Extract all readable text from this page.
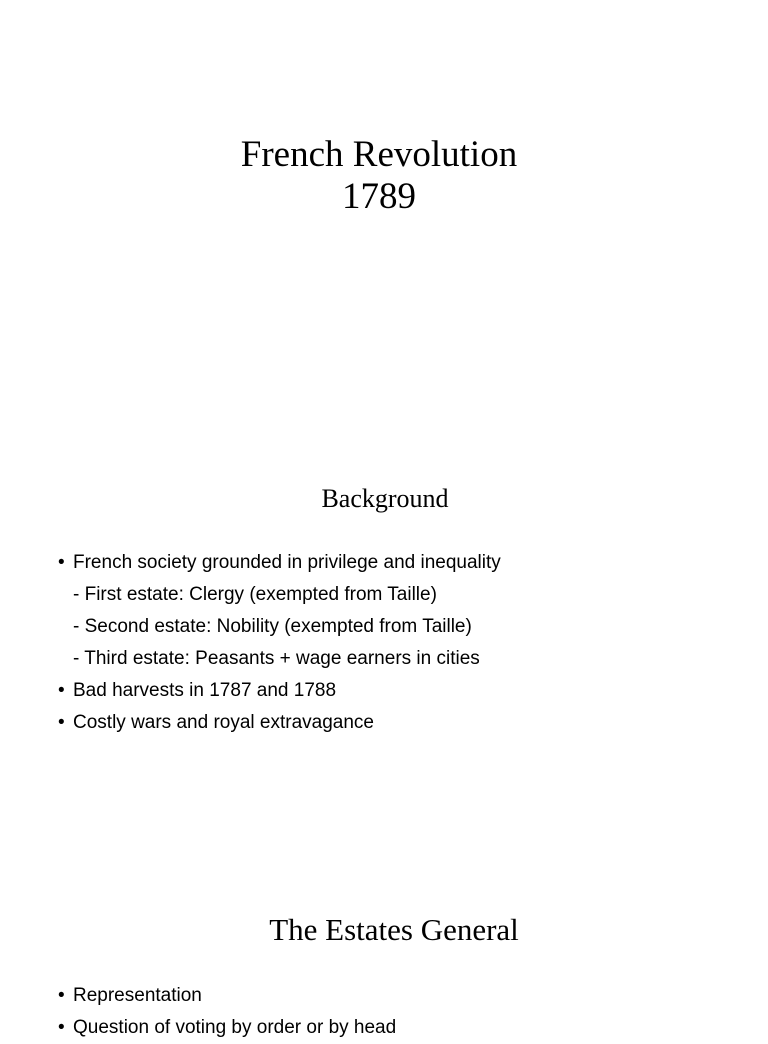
French Revolution
1789
Background
• French society grounded in privilege and inequality
- First estate: Clergy (exempted from Taille)
- Second estate: Nobility (exempted from Taille)
- Third estate: Peasants + wage earners in cities
• Bad harvests in 1787 and 1788
• Costly wars and royal extravagance
The Estates General
• Representation
• Question of voting by order or by head
